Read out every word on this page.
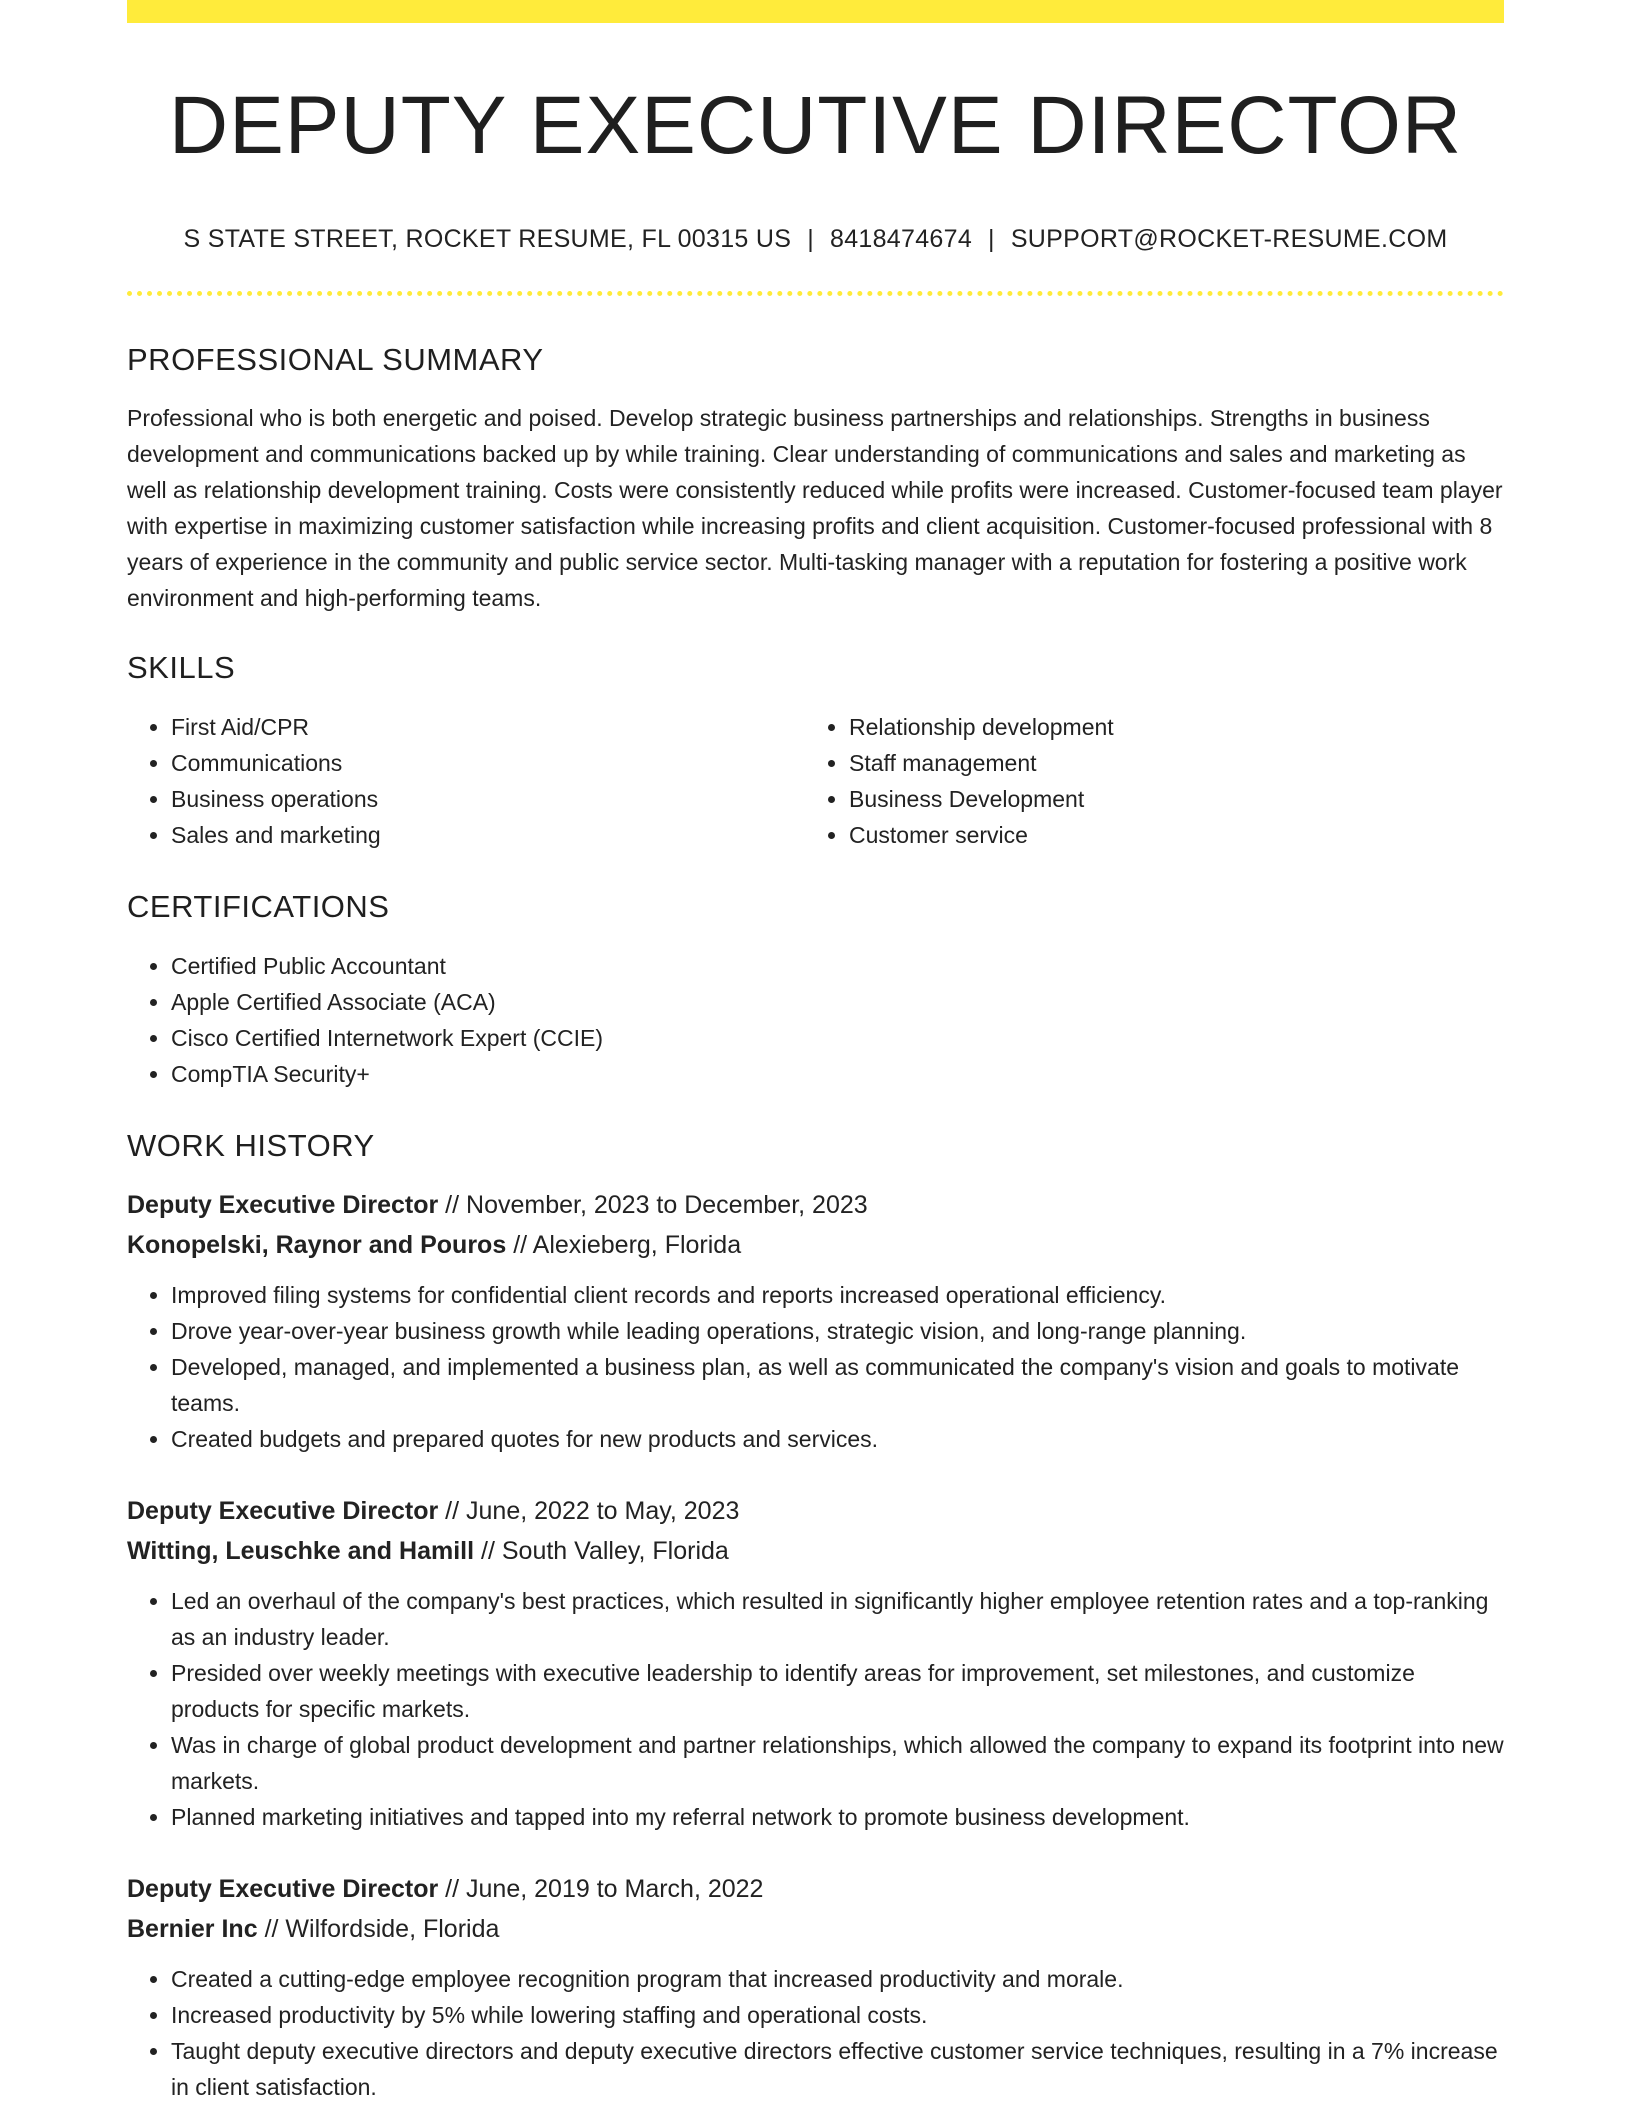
DEPUTY EXECUTIVE DIRECTOR
S STATE STREET, ROCKET RESUME, FL 00315 US | 8418474674 | SUPPORT@ROCKET-RESUME.COM
PROFESSIONAL SUMMARY
Professional who is both energetic and poised. Develop strategic business partnerships and relationships. Strengths in business development and communications backed up by while training. Clear understanding of communications and sales and marketing as well as relationship development training. Costs were consistently reduced while profits were increased. Customer-focused team player with expertise in maximizing customer satisfaction while increasing profits and client acquisition. Customer-focused professional with 8 years of experience in the community and public service sector. Multi-tasking manager with a reputation for fostering a positive work environment and high-performing teams.
SKILLS
• First Aid/CPR
• Communications
• Business operations
• Sales and marketing
• Relationship development
• Staff management
• Business Development
• Customer service
CERTIFICATIONS
• Certified Public Accountant
• Apple Certified Associate (ACA)
• Cisco Certified Internetwork Expert (CCIE)
• CompTIA Security+
WORK HISTORY
Deputy Executive Director // November, 2023 to December, 2023
Konopelski, Raynor and Pouros // Alexieberg, Florida
• Improved filing systems for confidential client records and reports increased operational efficiency.
• Drove year-over-year business growth while leading operations, strategic vision, and long-range planning.
• Developed, managed, and implemented a business plan, as well as communicated the company's vision and goals to motivate teams.
• Created budgets and prepared quotes for new products and services.
Deputy Executive Director // June, 2022 to May, 2023
Witting, Leuschke and Hamill // South Valley, Florida
• Led an overhaul of the company's best practices, which resulted in significantly higher employee retention rates and a top-ranking as an industry leader.
• Presided over weekly meetings with executive leadership to identify areas for improvement, set milestones, and customize products for specific markets.
• Was in charge of global product development and partner relationships, which allowed the company to expand its footprint into new markets.
• Planned marketing initiatives and tapped into my referral network to promote business development.
Deputy Executive Director // June, 2019 to March, 2022
Bernier Inc // Wilfordside, Florida
• Created a cutting-edge employee recognition program that increased productivity and morale.
• Increased productivity by 5% while lowering staffing and operational costs.
• Taught deputy executive directors and deputy executive directors effective customer service techniques, resulting in a 7% increase in client satisfaction.
